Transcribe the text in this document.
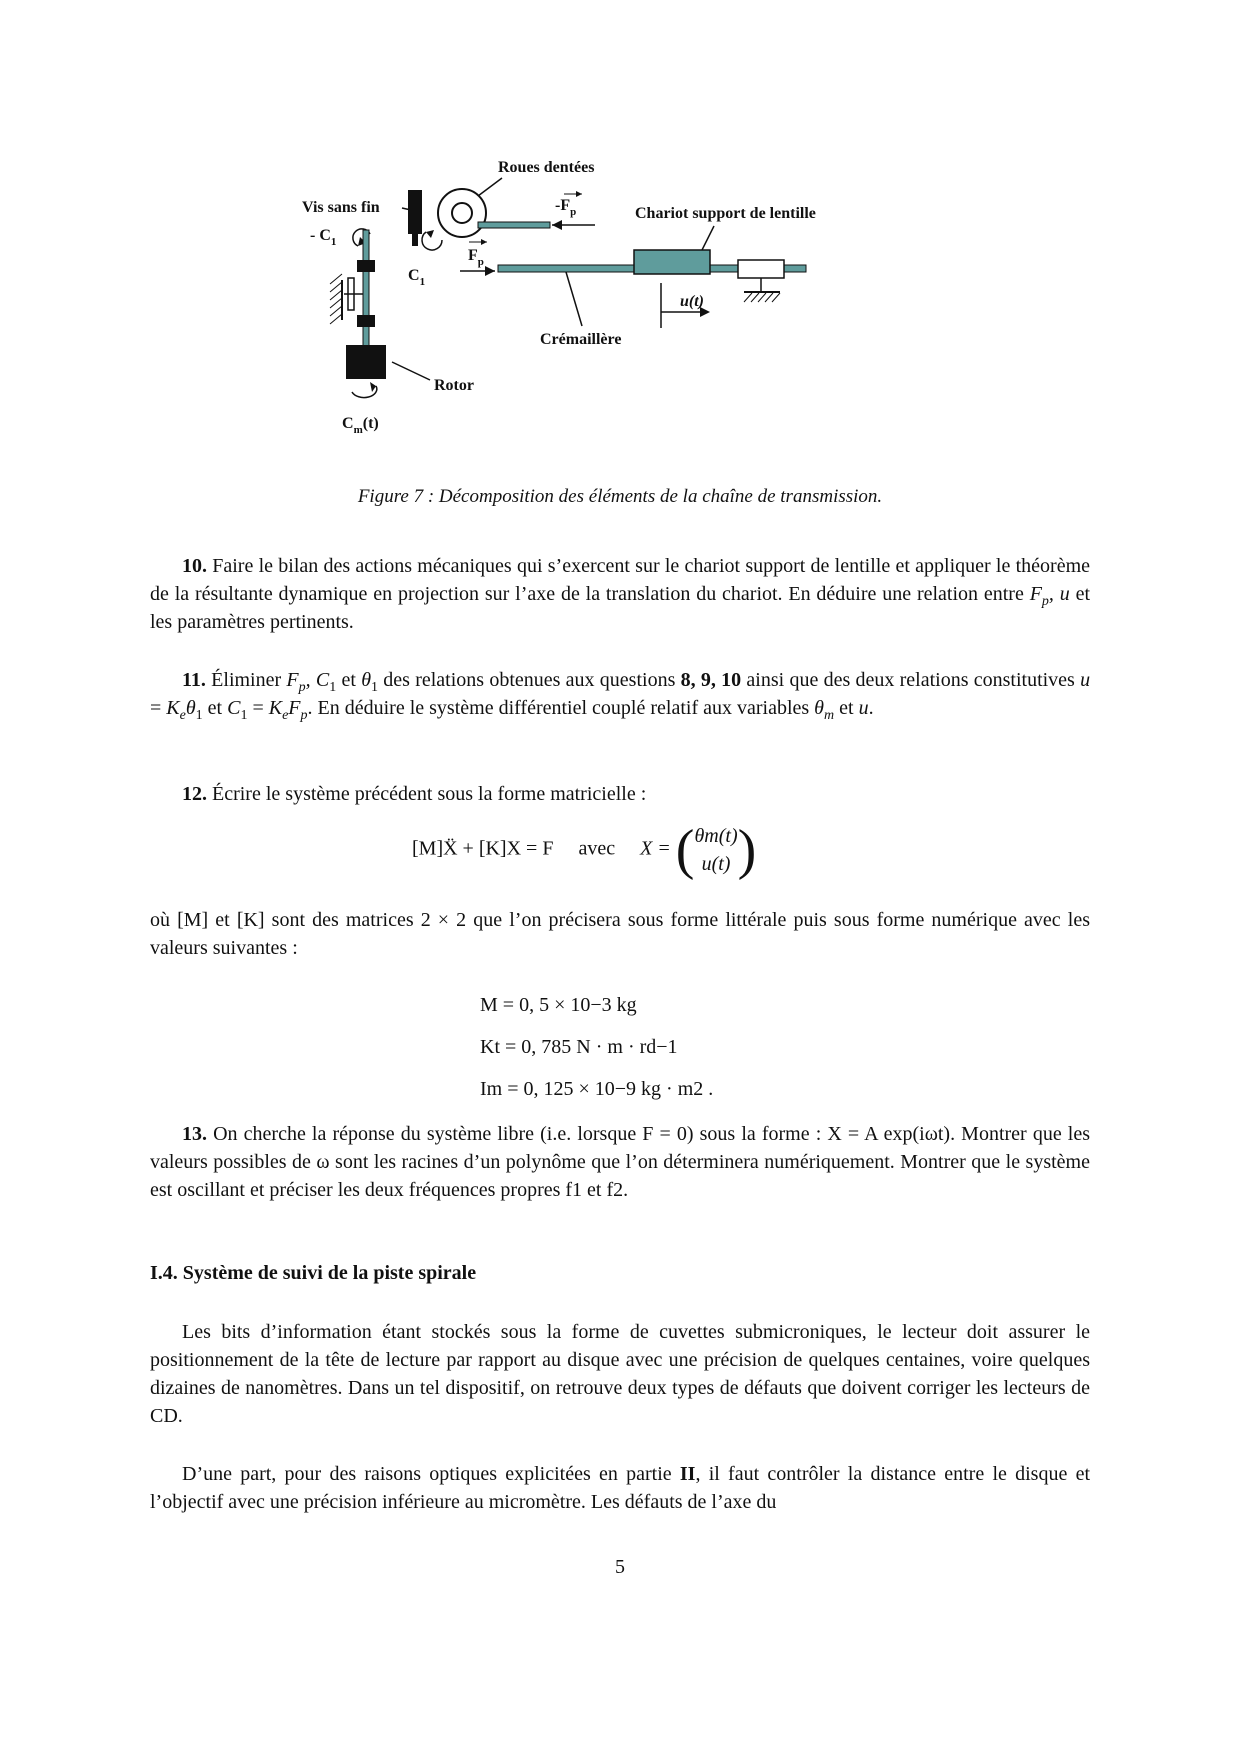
Roues dentées
$-F_p$
Vis sans fin
$C_1$
- $C_1$
Rotor
$C_m(t)$
$F_p$
Chariot support de lentille
u(t)
Crémaillère
Figure 7 : Décomposition des éléments de la chaîne de transmission.
10. Faire le bilan des actions mécaniques qui s’exercent sur le chariot support de lentille et appliquer le théorème de la résultante dynamique en projection sur l’axe de la translation du chariot. En déduire une relation entre $F_p$, u et les paramètres pertinents.
11. Éliminer $F_p$, $C_1$ et $\theta_1$ des relations obtenues aux questions 8, 9, 10 ainsi que des deux relations constitutives $u = K_e\theta_1$ et $C_1 = K_eF_p$. En déduire le système différentiel couplé relatif aux variables $\theta_m$ et u.
12. Écrire le système précédent sous la forme matricielle :
[M]Ẍ + [K]X = F avec X = (θm(t)
u(t) )
où [M] et [K] sont des matrices 2 × 2 que l’on précisera sous forme littérale puis sous forme numérique avec les valeurs suivantes :
M = 0, 5 × 10−3 kg
Kt = 0, 785 N · m · rd−1
Im = 0, 125 × 10−9 kg · m2 .
13. On cherche la réponse du système libre (i.e. lorsque F = 0) sous la forme : X = A exp(iωt). Montrer que les valeurs possibles de ω sont les racines d’un polynôme que l’on déterminera numériquement. Montrer que le système est oscillant et préciser les deux fréquences propres f1 et f2.
I.4. Système de suivi de la piste spirale
Les bits d’information étant stockés sous la forme de cuvettes submicroniques, le lecteur doit assurer le positionnement de la tête de lecture par rapport au disque avec une précision de quelques centaines, voire quelques dizaines de nanomètres. Dans un tel dispositif, on retrouve deux types de défauts que doivent corriger les lecteurs de CD.
D’une part, pour des raisons optiques explicitées en partie II, il faut contrôler la distance entre le disque et l’objectif avec une précision inférieure au micromètre. Les défauts de l’axe du
5
